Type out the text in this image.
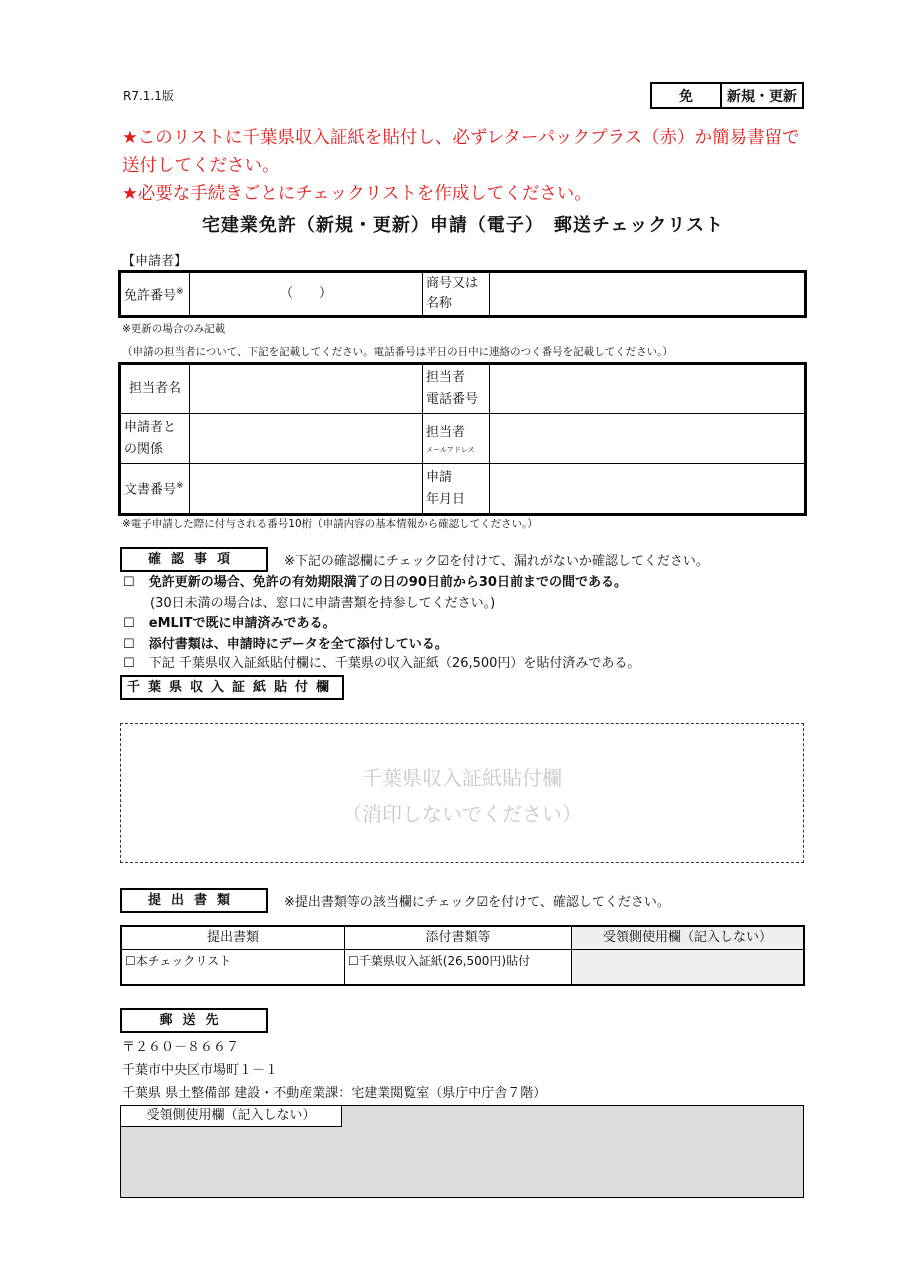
R7.1.1版	免	新規・更新
★このリストに千葉県収入証紙を貼付し、必ずレターパックプラス（赤）か簡易書留で送付してください。
★必要な手続きごとにチェックリストを作成してください。
宅建業免許（新規・更新）申請（電子）　郵送チェックリスト
【申請者】
免許番号※	（　　）	商号又は名称	
※更新の場合のみ記載
（申請の担当者について、下記を記載してください。電話番号は平日の日中に連絡のつく番号を記載してください。）
担当者名		担当者
電話番号	

申請者との関係		担当者
メールアドレス	

文書番号※		申請
年月日	

※電子申請した際に付与される番号10桁（申請内容の基本情報から確認してください。）
確認事項	※下記の確認欄にチェック☑を付けて、漏れがないか確認してください。
☐ 免許更新の場合、免許の有効期限満了の日の90日前から30日前までの間である。
(30日未満の場合は、窓口に申請書類を持参してください。)
☐ eMLITで既に申請済みである。
☐ 添付書類は、申請時にデータを全て添付している。
☐ 下記 千葉県収入証紙貼付欄に、千葉県の収入証紙（26,500円）を貼付済みである。
千葉県収入証紙貼付欄
千葉県収入証紙貼付欄
（消印しないでください）
提出書類	※提出書類等の該当欄にチェック☑を付けて、確認してください。
提出書類	添付書類等	受領側使用欄（記入しない）
☐本チェックリスト	☐千葉県収入証紙(26,500円)貼付	
郵送先
〒２６０－８６６７
千葉市中央区市場町１－１
千葉県 県土整備部 建設・不動産業課：宅建業閲覧室（県庁中庁舎７階）
受領側使用欄（記入しない）
